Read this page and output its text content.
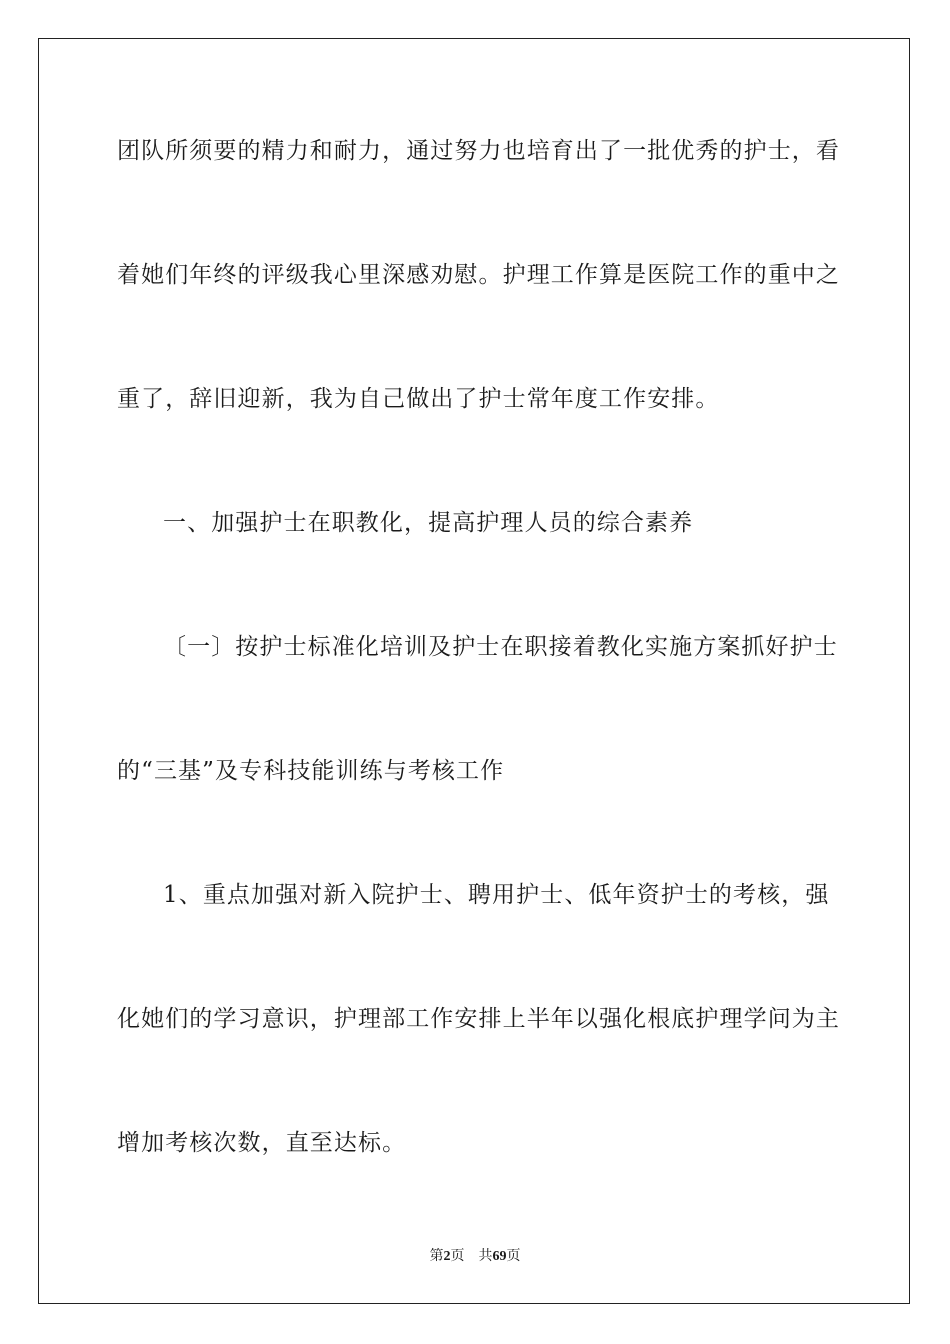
团队所须要的精力和耐力，通过努力也培育出了一批优秀的护士，看
着她们年终的评级我心里深感劝慰。护理工作算是医院工作的重中之
重了，辞旧迎新，我为自己做出了护士常年度工作安排。
一、加强护士在职教化，提高护理人员的综合素养
〔一〕按护士标准化培训及护士在职接着教化实施方案抓好护士
的“三基”及专科技能训练与考核工作
1、重点加强对新入院护士、聘用护士、低年资护士的考核，强
化她们的学习意识，护理部工作安排上半年以强化根底护理学问为主
增加考核次数，直至达标。
第2页 共69页
